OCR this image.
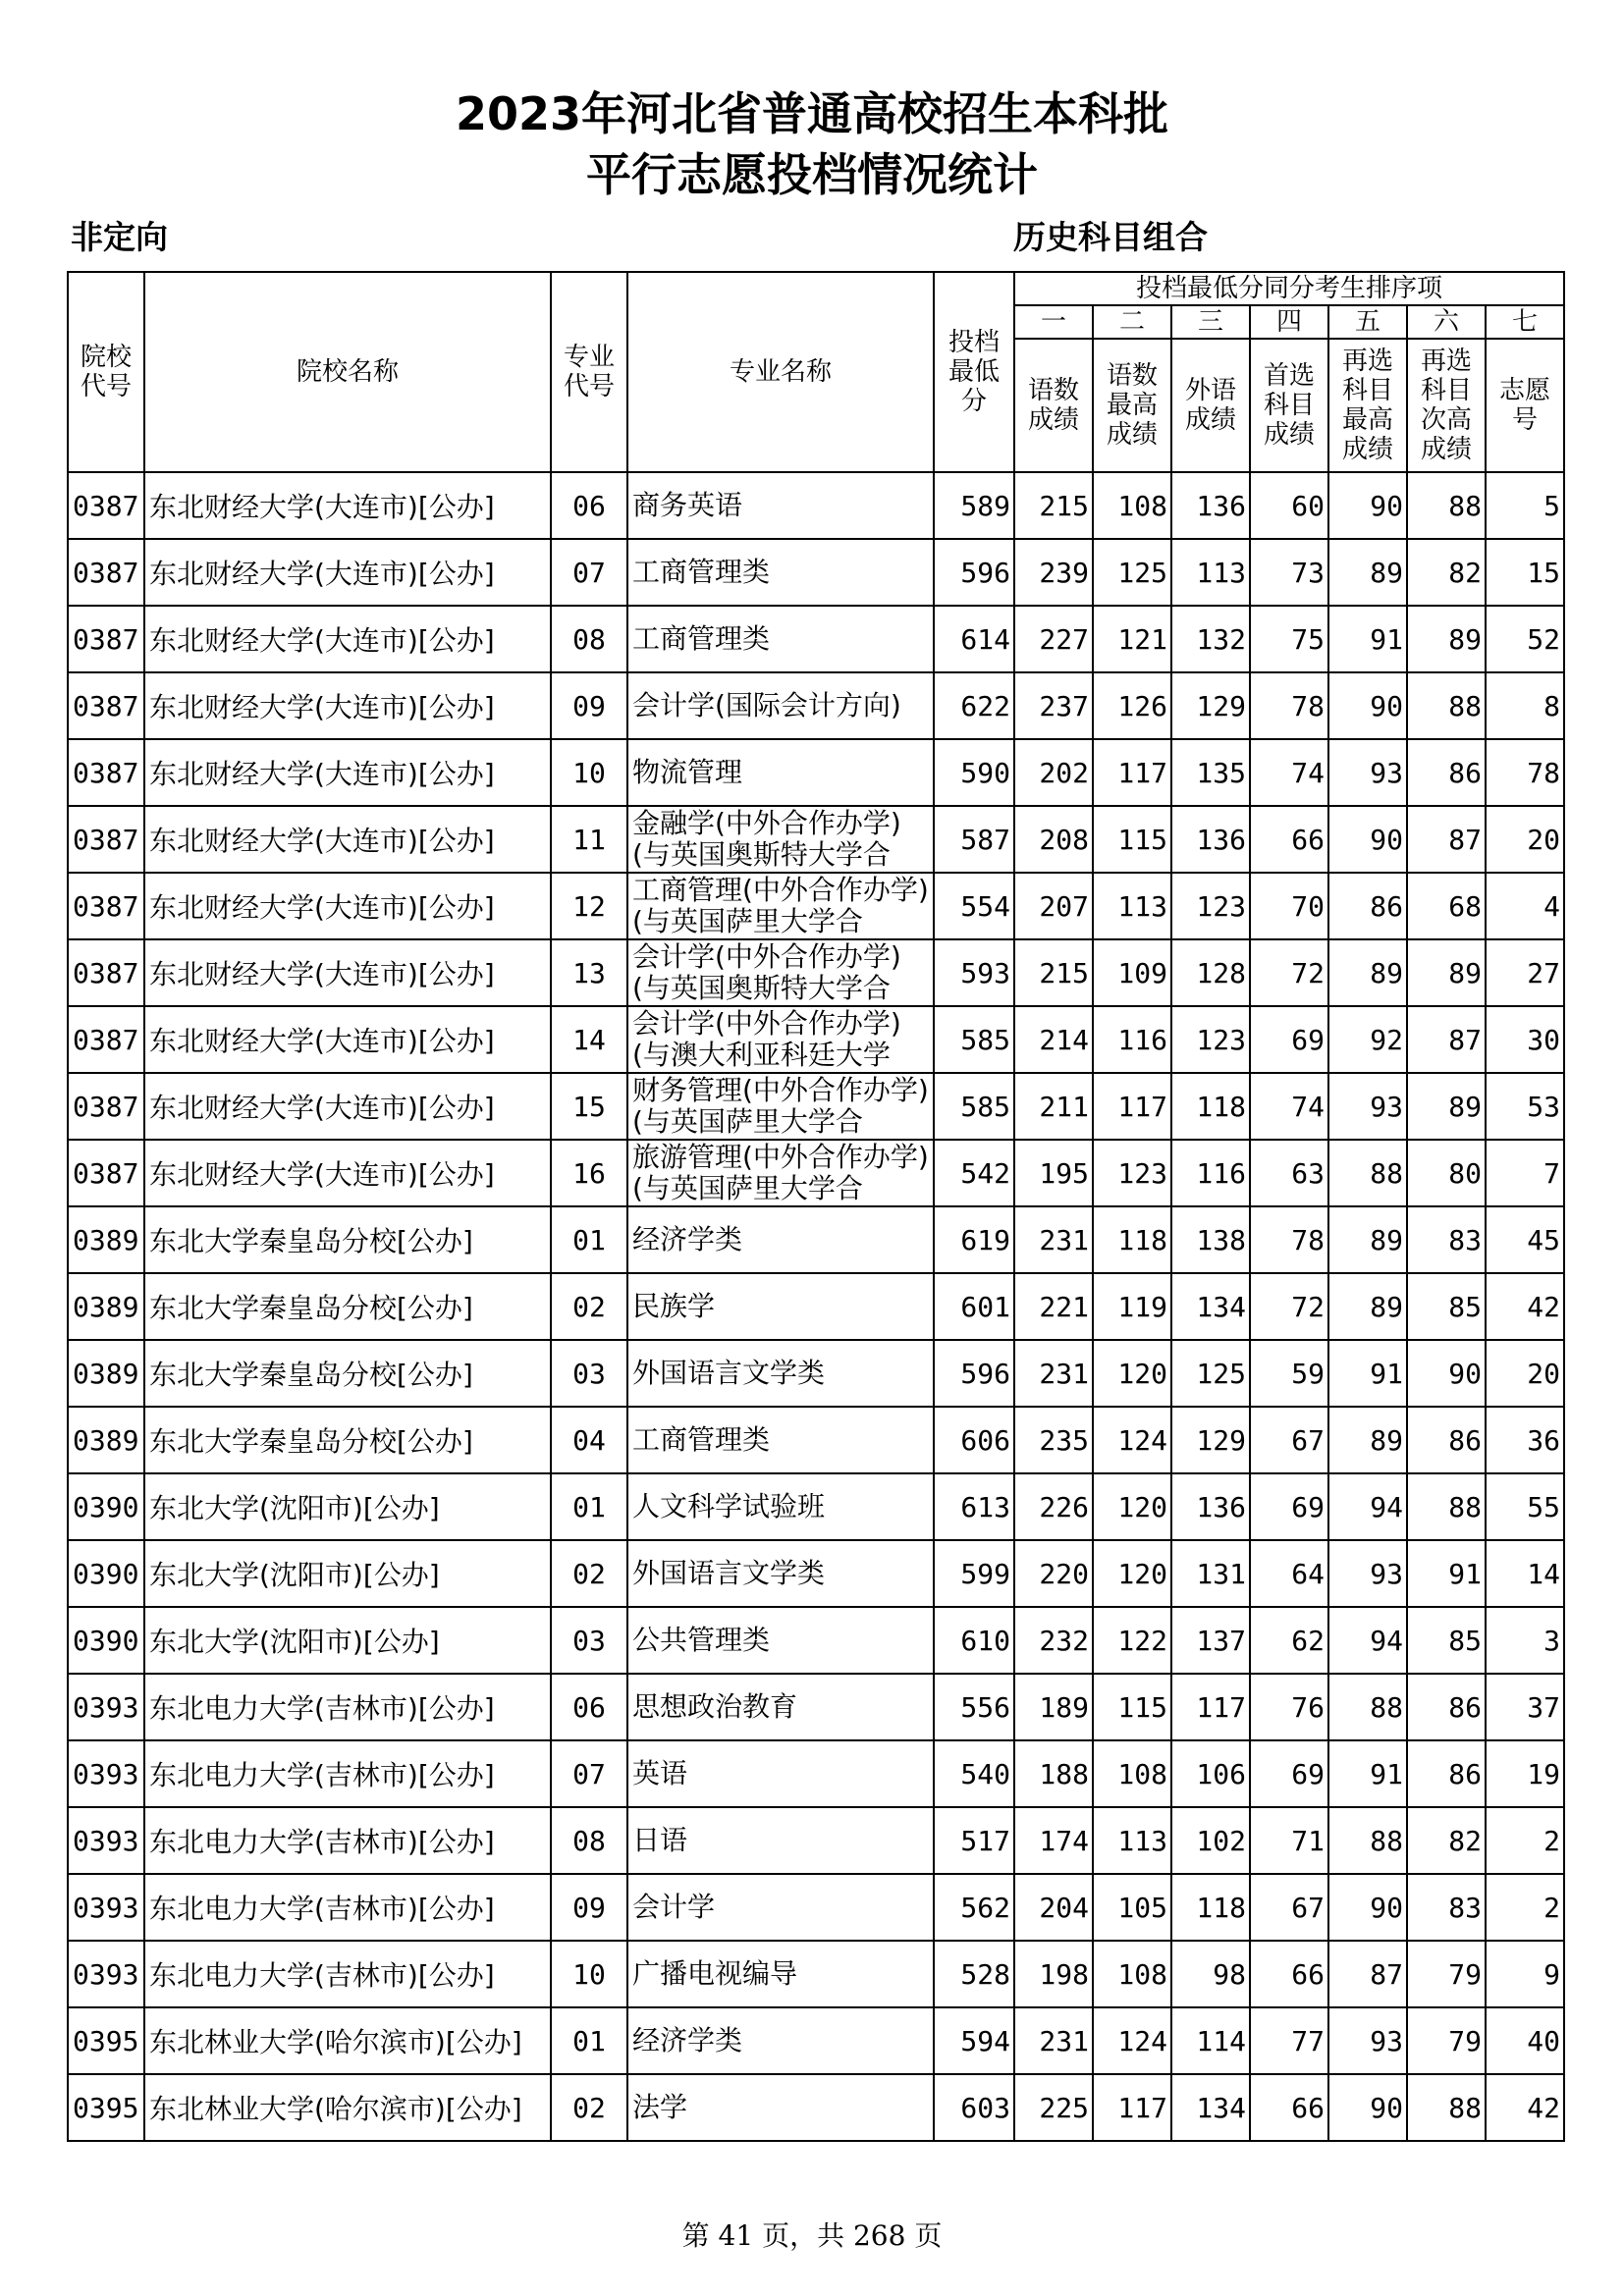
2023年河北省普通高校招生本科批
平行志愿投档情况统计
非定向	历史科目组合
院校代号	院校名称	专业代号	专业名称	投档最低分	投档最低分同分考生排序项						
					一	二	三	四	五	六	七
					语数成绩	语数最高成绩	外语成绩	首选科目成绩	再选科目最高成绩	再选科目次高成绩	志愿号
0387	东北财经大学(大连市)[公办]	06	商务英语	589	215	108	136	60	90	88	5
0387	东北财经大学(大连市)[公办]	07	工商管理类	596	239	125	113	73	89	82	15
0387	东北财经大学(大连市)[公办]	08	工商管理类	614	227	121	132	75	91	89	52
0387	东北财经大学(大连市)[公办]	09	会计学(国际会计方向)	622	237	126	129	78	90	88	8
0387	东北财经大学(大连市)[公办]	10	物流管理	590	202	117	135	74	93	86	78
0387	东北财经大学(大连市)[公办]	11	金融学(中外合作办学)(与英国奥斯特大学合	587	208	115	136	66	90	87	20
0387	东北财经大学(大连市)[公办]	12	工商管理(中外合作办学)(与英国萨里大学合	554	207	113	123	70	86	68	4
0387	东北财经大学(大连市)[公办]	13	会计学(中外合作办学)(与英国奥斯特大学合	593	215	109	128	72	89	89	27
0387	东北财经大学(大连市)[公办]	14	会计学(中外合作办学)(与澳大利亚科廷大学	585	214	116	123	69	92	87	30
0387	东北财经大学(大连市)[公办]	15	财务管理(中外合作办学)(与英国萨里大学合	585	211	117	118	74	93	89	53
0387	东北财经大学(大连市)[公办]	16	旅游管理(中外合作办学)(与英国萨里大学合	542	195	123	116	63	88	80	7
0389	东北大学秦皇岛分校[公办]	01	经济学类	619	231	118	138	78	89	83	45
0389	东北大学秦皇岛分校[公办]	02	民族学	601	221	119	134	72	89	85	42
0389	东北大学秦皇岛分校[公办]	03	外国语言文学类	596	231	120	125	59	91	90	20
0389	东北大学秦皇岛分校[公办]	04	工商管理类	606	235	124	129	67	89	86	36
0390	东北大学(沈阳市)[公办]	01	人文科学试验班	613	226	120	136	69	94	88	55
0390	东北大学(沈阳市)[公办]	02	外国语言文学类	599	220	120	131	64	93	91	14
0390	东北大学(沈阳市)[公办]	03	公共管理类	610	232	122	137	62	94	85	3
0393	东北电力大学(吉林市)[公办]	06	思想政治教育	556	189	115	117	76	88	86	37
0393	东北电力大学(吉林市)[公办]	07	英语	540	188	108	106	69	91	86	19
0393	东北电力大学(吉林市)[公办]	08	日语	517	174	113	102	71	88	82	2
0393	东北电力大学(吉林市)[公办]	09	会计学	562	204	105	118	67	90	83	2
0393	东北电力大学(吉林市)[公办]	10	广播电视编导	528	198	108	98	66	87	79	9
0395	东北林业大学(哈尔滨市)[公办]	01	经济学类	594	231	124	114	77	93	79	40
0395	东北林业大学(哈尔滨市)[公办]	02	法学	603	225	117	134	66	90	88	42
第 41 页，共 268 页
